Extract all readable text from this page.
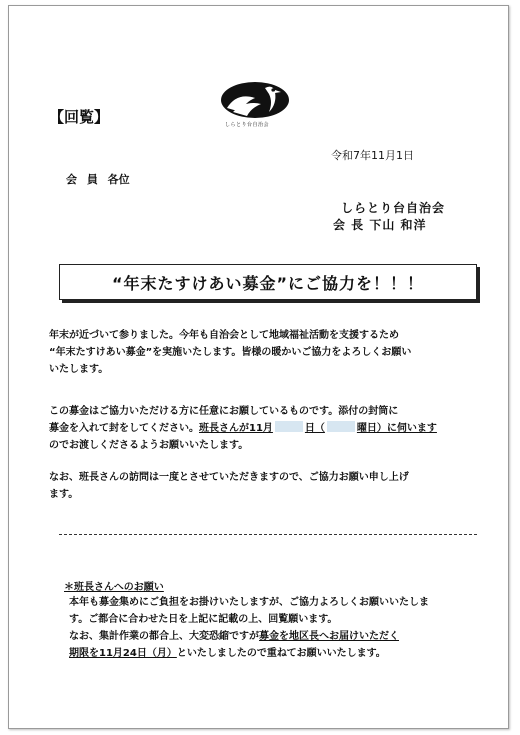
しらとり台自治会
【回覧】
令和7年11月1日
会 員 各位
しらとり台自治会
会 長 下山 和洋
“年末たすけあい募金”にご協力を！！！
年末が近づいて参りました。今年も自治会として地域福祉活動を支援するため
“年末たすけあい募金”を実施いたします。皆様の暖かいご協力をよろしくお願い
いたします。
この募金はご協力いただける方に任意にお願しているものです。添付の封筒に
募金を入れて封をしてください。班長さんが11月	日（	曜日）に伺います
のでお渡しくださるようお願いいたします。
なお、班長さんの訪問は一度とさせていただきますので、ご協力お願い申し上げ
ます。
＊班長さんへのお願い
本年も募金集めにご負担をお掛けいたしますが、ご協力よろしくお願いいたしま
す。ご都合に合わせた日を上記に記載の上、回覧願います。
なお、集計作業の都合上、大変恐縮ですが募金を地区長へお届けいただく
期限を11月24日（月）といたしましたので重ねてお願いいたします。
